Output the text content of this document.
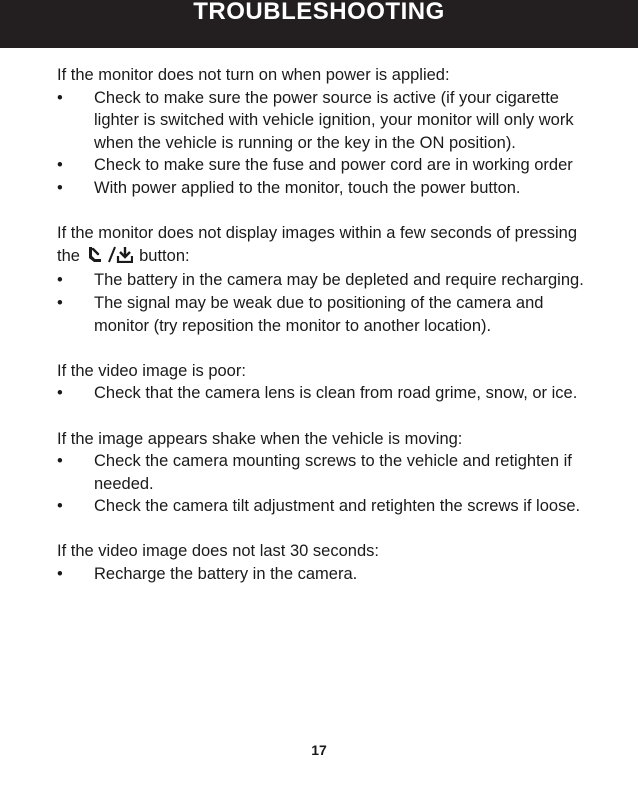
TROUBLESHOOTING

If the monitor does not turn on when power is applied:

• Check to make sure the power source is active (if your cigarette lighter is switched with vehicle ignition, your monitor will only work when the vehicle is running or the key in the ON position).
• Check to make sure the fuse and power cord are in working order
• With power applied to the monitor, touch the power button.

If the monitor does not display images within a few seconds of pressing the	button:

• The battery in the camera may be depleted and require recharging.
• The signal may be weak due to positioning of the camera and monitor (try reposition the monitor to another location).

If the video image is poor:

• Check that the camera lens is clean from road grime, snow, or ice.

If the image appears shake when the vehicle is moving:

• Check the camera mounting screws to the vehicle and retighten if needed.
• Check the camera tilt adjustment and retighten the screws if loose.

If the video image does not last 30 seconds:

• Recharge the battery in the camera.
17
